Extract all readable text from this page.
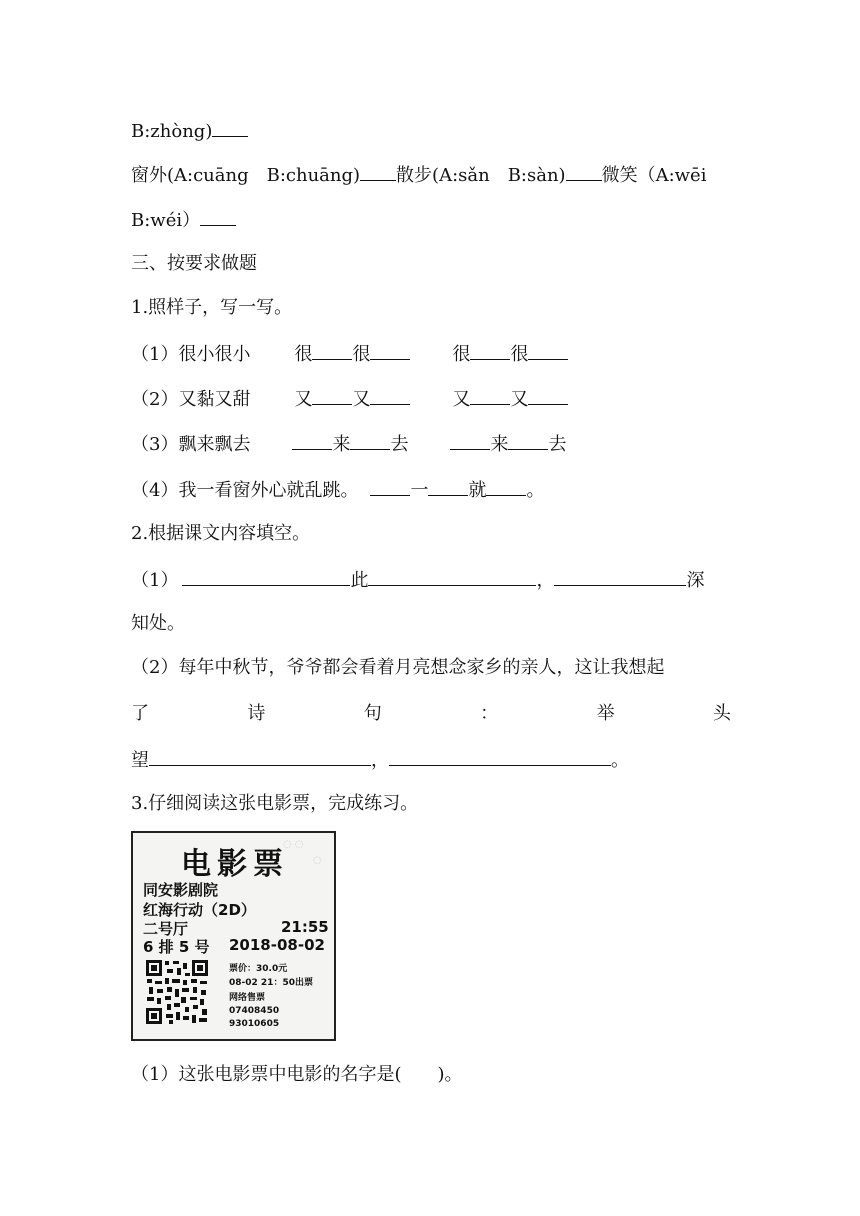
B:zhòng)
窗外(A:cuāng　B:chuāng) 散步(A:sǎn　B:sàn) 微笑（A:wēi
B:wéi）
三、按要求做题
1.照样子，写一写。
（1）很小很小 很 很	很 很
（2）又黏又甜 又 又	又 又
（3）飘来飘去	来 去	来 去
（4）我一看窗外心就乱跳。	一 就 。
2.根据课文内容填空。
（1）	此	，	深
知处。
（2）每年中秋节，爷爷都会看着月亮想念家乡的亲人，这让我想起
了	诗	句	：	举	头
望	，	。
3.仔细阅读这张电影票，完成练习。
◌ ◌
◌
电影票
同安影剧院
红海行动（2D）
二号厅	21:55
6 排 5 号 2018-08-02
票价：30.0元
08-02 21：50出票
网络售票
07408450
93010605
（1）这张电影票中电影的名字是(　　)。
